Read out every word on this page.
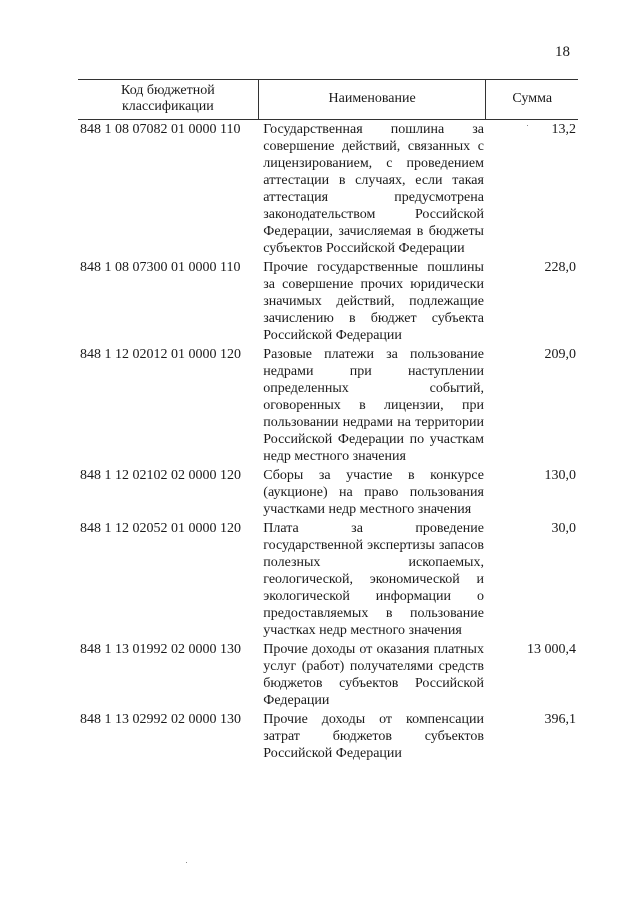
18
Код бюджетной классификации	Наименование	Сумма
848 1 08 07082 01 0000 110	Государственная пошлина за совершение действий, связанных с лицензированием, с проведением аттестации в случаях, если такая аттестация предусмотрена законодательством Российской Федерации, зачисляемая в бюджеты субъектов Российской Федерации	13,2
848 1 08 07300 01 0000 110	Прочие государственные пошлины за совершение прочих юридически значимых действий, подлежащие зачислению в бюджет субъекта Российской Федерации	228,0
848 1 12 02012 01 0000 120	Разовые платежи за пользование недрами при наступлении определенных событий, оговоренных в лицензии, при пользовании недрами на территории Российской Федерации по участкам недр местного значения	209,0
848 1 12 02102 02 0000 120	Сборы за участие в конкурсе (аукционе) на право пользования участками недр местного значения	130,0
848 1 12 02052 01 0000 120	Плата за проведение государственной экспертизы запасов полезных ископаемых, геологической, экономической и экологической информации о предоставляемых в пользование участках недр местного значения	30,0
848 1 13 01992 02 0000 130	Прочие доходы от оказания платных услуг (работ) получателями средств бюджетов субъектов Российской Федерации	13 000,4
848 1 13 02992 02 0000 130	Прочие доходы от компенсации затрат бюджетов субъектов Российской Федерации	396,1
